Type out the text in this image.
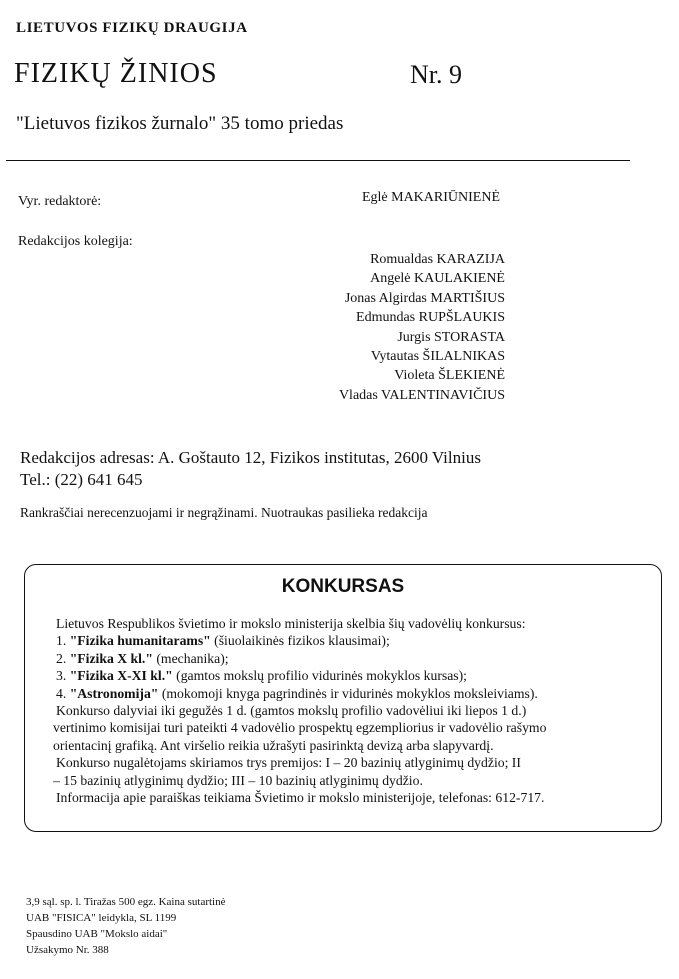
LIETUVOS FIZIKŲ DRAUGIJA
FIZIKŲ ŽINIOS	Nr. 9
"Lietuvos fizikos žurnalo" 35 tomo priedas
Vyr. redaktorė:	Eglė MAKARIŪNIENĖ
Redakcijos kolegija:
Romualdas KARAZIJA
Angelė KAULAKIENĖ
Jonas Algirdas MARTIŠIUS
Edmundas RUPŠLAUKIS
Jurgis STORASTA
Vytautas ŠILALNIKAS
Violeta ŠLEKIENĖ
Vladas VALENTINAVIČIUS
Redakcijos adresas: A. Goštauto 12, Fizikos institutas, 2600 Vilnius
Tel.: (22) 641 645
Rankraščiai nerecenzuojami ir negrąžinami. Nuotraukas pasilieka redakcija
KONKURSAS
Lietuvos Respublikos švietimo ir mokslo ministerija skelbia šių vadovėlių konkursus:
1. "Fizika humanitarams" (šiuolaikinės fizikos klausimai);
2. "Fizika X kl." (mechanika);
3. "Fizika X-XI kl." (gamtos mokslų profilio vidurinės mokyklos kursas);
4. "Astronomija" (mokomoji knyga pagrindinės ir vidurinės mokyklos moksleiviams).
Konkurso dalyviai iki gegužės 1 d. (gamtos mokslų profilio vadovėliui iki liepos 1 d.)
vertinimo komisijai turi pateikti 4 vadovėlio prospektų egzempliorius ir vadovėlio rašymo
orientacinį grafiką. Ant viršelio reikia užrašyti pasirinktą devizą arba slapyvardį.
Konkurso nugalėtojams skiriamos trys premijos: I – 20 bazinių atlyginimų dydžio; II
– 15 bazinių atlyginimų dydžio; III – 10 bazinių atlyginimų dydžio.
Informacija apie paraiškas teikiama Švietimo ir mokslo ministerijoje, telefonas: 612-717.
3,9 sąl. sp. l. Tiražas 500 egz. Kaina sutartinė
UAB "FISICA" leidykla, SL 1199
Spausdino UAB "Mokslo aidai"
Užsakymo Nr. 388
